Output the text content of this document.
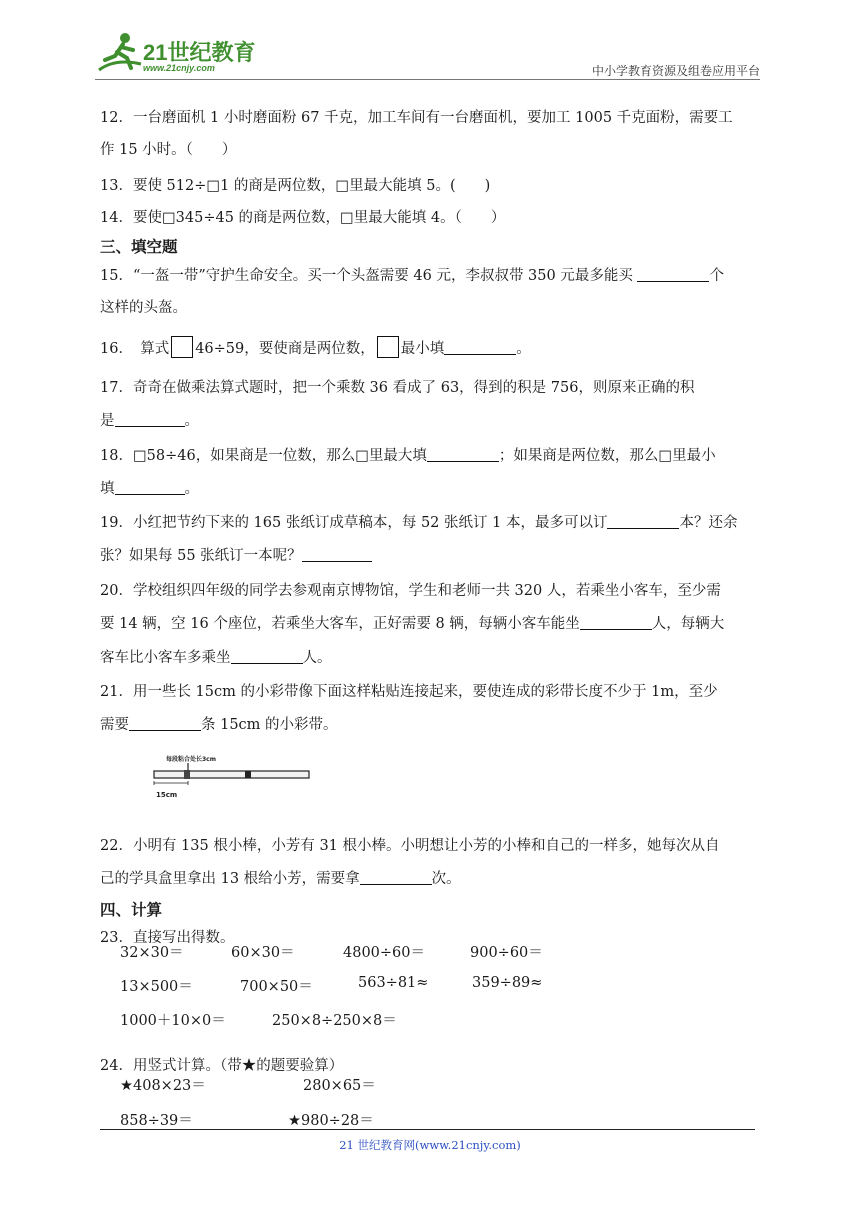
21世纪教育
www.21cnjy.com	中小学教育资源及组卷应用平台
12．一台磨面机 1 小时磨面粉 67 千克，加工车间有一台磨面机，要加工 1005 千克面粉，需要工
作 15 小时。（　　）
13．要使 512÷□1 的商是两位数，□里最大能填 5。(　　)
14．要使□345÷45 的商是两位数，□里最大能填 4。（　　）
三、填空题
15．“一盔一带”守护生命安全。买一个头盔需要 46 元，李叔叔带 350 元最多能买	个
这样的头盔。
16．　算式 46÷59，要使商是两位数， 最小填	。
17．奇奇在做乘法算式题时，把一个乘数 36 看成了 63，得到的积是 756，则原来正确的积
是	。
18．□58÷46，如果商是一位数，那么□里最大填	；如果商是两位数，那么□里最小
填	。
19．小红把节约下来的 165 张纸订成草稿本，每 52 张纸订 1 本，最多可以订	本？还余
张？如果每 55 张纸订一本呢？
20．学校组织四年级的同学去参观南京博物馆，学生和老师一共 320 人，若乘坐小客车，至少需
要 14 辆，空 16 个座位，若乘坐大客车，正好需要 8 辆，每辆小客车能坐	人，每辆大
客车比小客车多乘坐	人。
21．用一些长 15cm 的小彩带像下面这样粘贴连接起来，要使连成的彩带长度不少于 1m，至少
需要	条 15cm 的小彩带。
22．小明有 135 根小棒，小芳有 31 根小棒。小明想让小芳的小棒和自己的一样多，她每次从自
己的学具盒里拿出 13 根给小芳，需要拿	次。
四、计算
23．直接写出得数。
24．用竖式计算。（带★的题要验算）
每段粘合处长3cm
15cm
32×30＝	60×30＝	4800÷60＝	900÷60＝
13×500＝	700×50＝	563÷81≈	359÷89≈
1000＋10×0＝	250×8÷250×8＝
★408×23＝	280×65＝
858÷39＝	★980÷28＝
21 世纪教育网(www.21cnjy.com)
